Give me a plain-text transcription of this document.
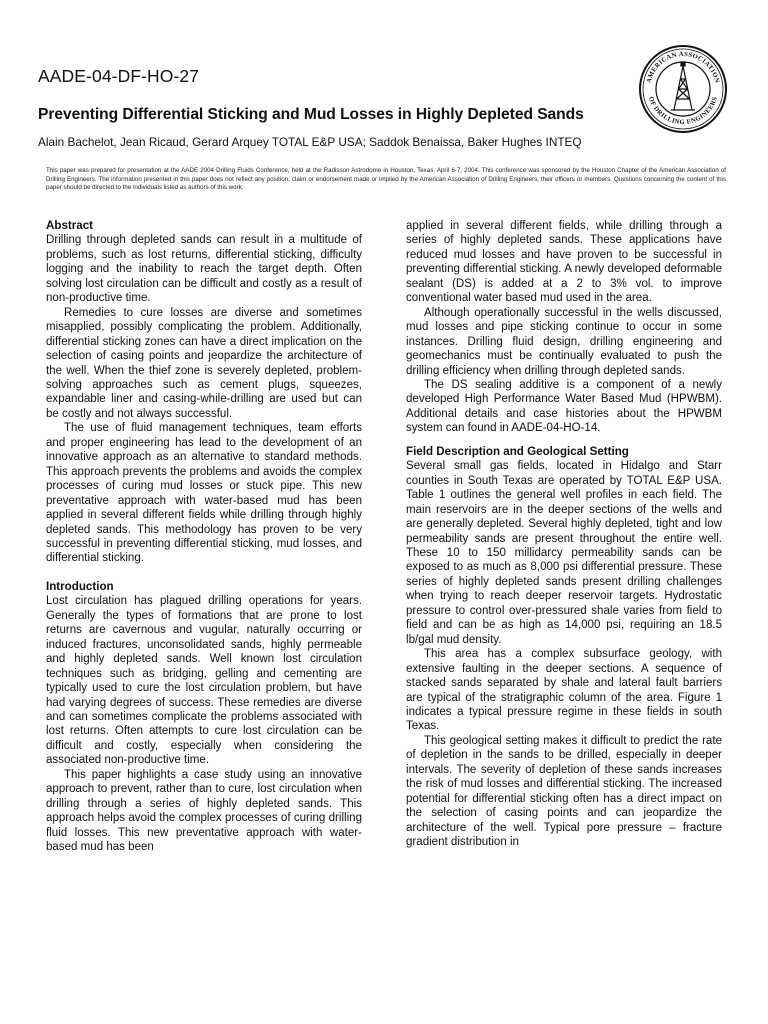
AADE-04-DF-HO-27
Preventing Differential Sticking and Mud Losses in Highly Depleted Sands
Alain Bachelot, Jean Ricaud, Gerard Arquey TOTAL E&P USA; Saddok Benaissa, Baker Hughes INTEQ
This paper was prepared for presentation at the AADE 2004 Drilling Fluids Conference, held at the Radisson Astrodome in Houston, Texas, April 6-7, 2004. This conference was sponsored by the Houston Chapter of the American Association of Drilling Engineers. The information presented in this paper does not reflect any position, claim or endorsement made or implied by the American Association of Drilling Engineers, their officers or members. Questions concerning the content of this paper should be directed to the individuals listed as authors of this work.
AMERICAN ASSOCIATION
OF DRILLING ENGINEERS
Abstract

Drilling through depleted sands can result in a multitude of problems, such as lost returns, differential sticking, difficulty logging and the inability to reach the target depth. Often solving lost circulation can be difficult and costly as a result of non-productive time.

Remedies to cure losses are diverse and sometimes misapplied, possibly complicating the problem. Additionally, differential sticking zones can have a direct implication on the selection of casing points and jeopardize the architecture of the well. When the thief zone is severely depleted, problem-solving approaches such as cement plugs, squeezes, expandable liner and casing-while-drilling are used but can be costly and not always successful.

The use of fluid management techniques, team efforts and proper engineering has lead to the development of an innovative approach as an alternative to standard methods. This approach prevents the problems and avoids the complex processes of curing mud losses or stuck pipe. This new preventative approach with water-based mud has been applied in several different fields while drilling through highly depleted sands. This methodology has proven to be very successful in preventing differential sticking, mud losses, and differential sticking.

Introduction

Lost circulation has plagued drilling operations for years. Generally the types of formations that are prone to lost returns are cavernous and vugular, naturally occurring or induced fractures, unconsolidated sands, highly permeable and highly depleted sands. Well known lost circulation techniques such as bridging, gelling and cementing are typically used to cure the lost circulation problem, but have had varying degrees of success. These remedies are diverse and can sometimes complicate the problems associated with lost returns. Often attempts to cure lost circulation can be difficult and costly, especially when considering the associated non-productive time.

This paper highlights a case study using an innovative approach to prevent, rather than to cure, lost circulation when drilling through a series of highly depleted sands. This approach helps avoid the complex processes of curing drilling fluid losses. This new preventative approach with water-based mud has been

applied in several different fields, while drilling through a series of highly depleted sands. These applications have reduced mud losses and have proven to be successful in preventing differential sticking. A newly developed deformable sealant (DS) is added at a 2 to 3% vol. to improve conventional water based mud used in the area.

Although operationally successful in the wells discussed, mud losses and pipe sticking continue to occur in some instances. Drilling fluid design, drilling engineering and geomechanics must be continually evaluated to push the drilling efficiency when drilling through depleted sands.

The DS sealing additive is a component of a newly developed High Performance Water Based Mud (HPWBM). Additional details and case histories about the HPWBM system can found in AADE-04-HO-14.

Field Description and Geological Setting

Several small gas fields, located in Hidalgo and Starr counties in South Texas are operated by TOTAL E&P USA. Table 1 outlines the general well profiles in each field. The main reservoirs are in the deeper sections of the wells and are generally depleted. Several highly depleted, tight and low permeability sands are present throughout the entire well. These 10 to 150 millidarcy permeability sands can be exposed to as much as 8,000 psi differential pressure. These series of highly depleted sands present drilling challenges when trying to reach deeper reservoir targets. Hydrostatic pressure to control over-pressured shale varies from field to field and can be as high as 14,000 psi, requiring an 18.5 lb/gal mud density.

This area has a complex subsurface geology, with extensive faulting in the deeper sections. A sequence of stacked sands separated by shale and lateral fault barriers are typical of the stratigraphic column of the area. Figure 1 indicates a typical pressure regime in these fields in south Texas.

This geological setting makes it difficult to predict the rate of depletion in the sands to be drilled, especially in deeper intervals. The severity of depletion of these sands increases the risk of mud losses and differential sticking. The increased potential for differential sticking often has a direct impact on the selection of casing points and can jeopardize the architecture of the well. Typical pore pressure – fracture gradient distribution in
